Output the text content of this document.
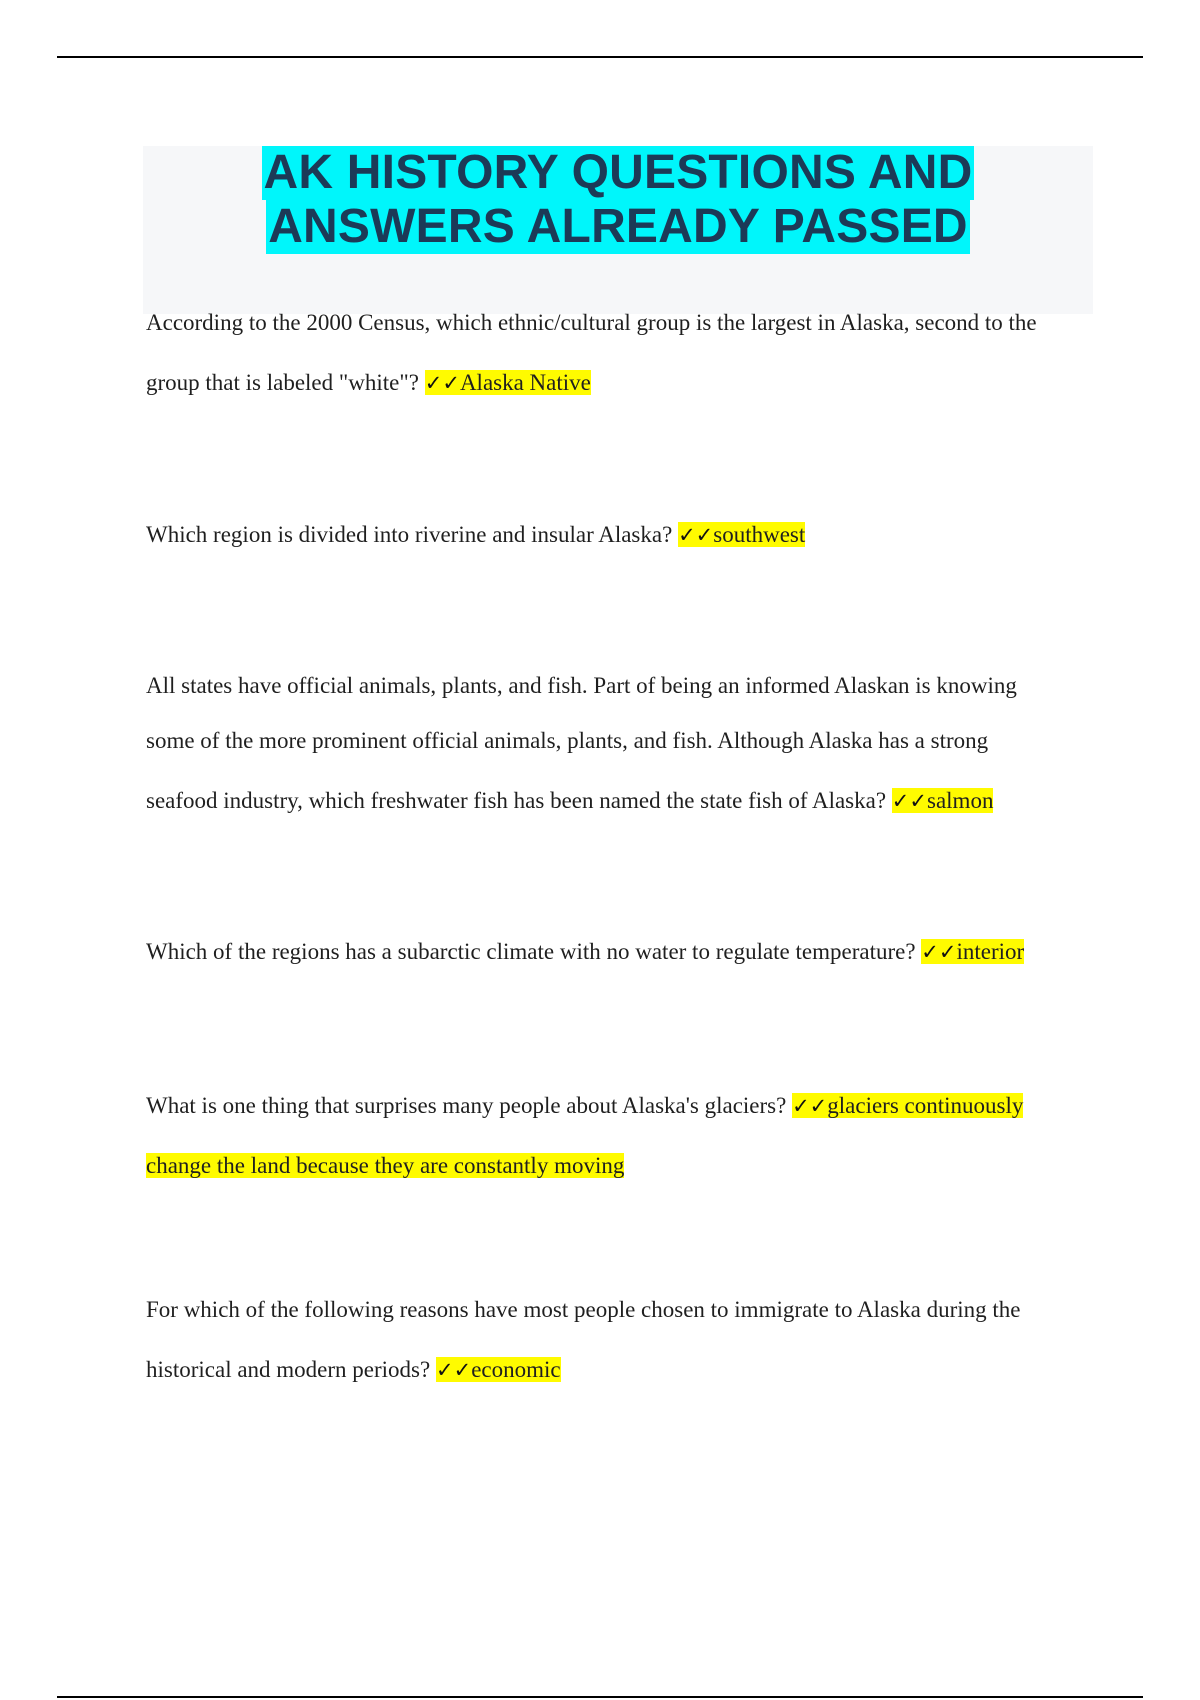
AK HISTORY QUESTIONS AND
ANSWERS ALREADY PASSED
According to the 2000 Census, which ethnic/cultural group is the largest in Alaska, second to the
group that is labeled "white"? ✓✓Alaska Native
Which region is divided into riverine and insular Alaska? ✓✓southwest
All states have official animals, plants, and fish. Part of being an informed Alaskan is knowing
some of the more prominent official animals, plants, and fish. Although Alaska has a strong
seafood industry, which freshwater fish has been named the state fish of Alaska? ✓✓salmon
Which of the regions has a subarctic climate with no water to regulate temperature? ✓✓interior
What is one thing that surprises many people about Alaska's glaciers? ✓✓glaciers continuously
change the land because they are constantly moving
For which of the following reasons have most people chosen to immigrate to Alaska during the
historical and modern periods? ✓✓economic
